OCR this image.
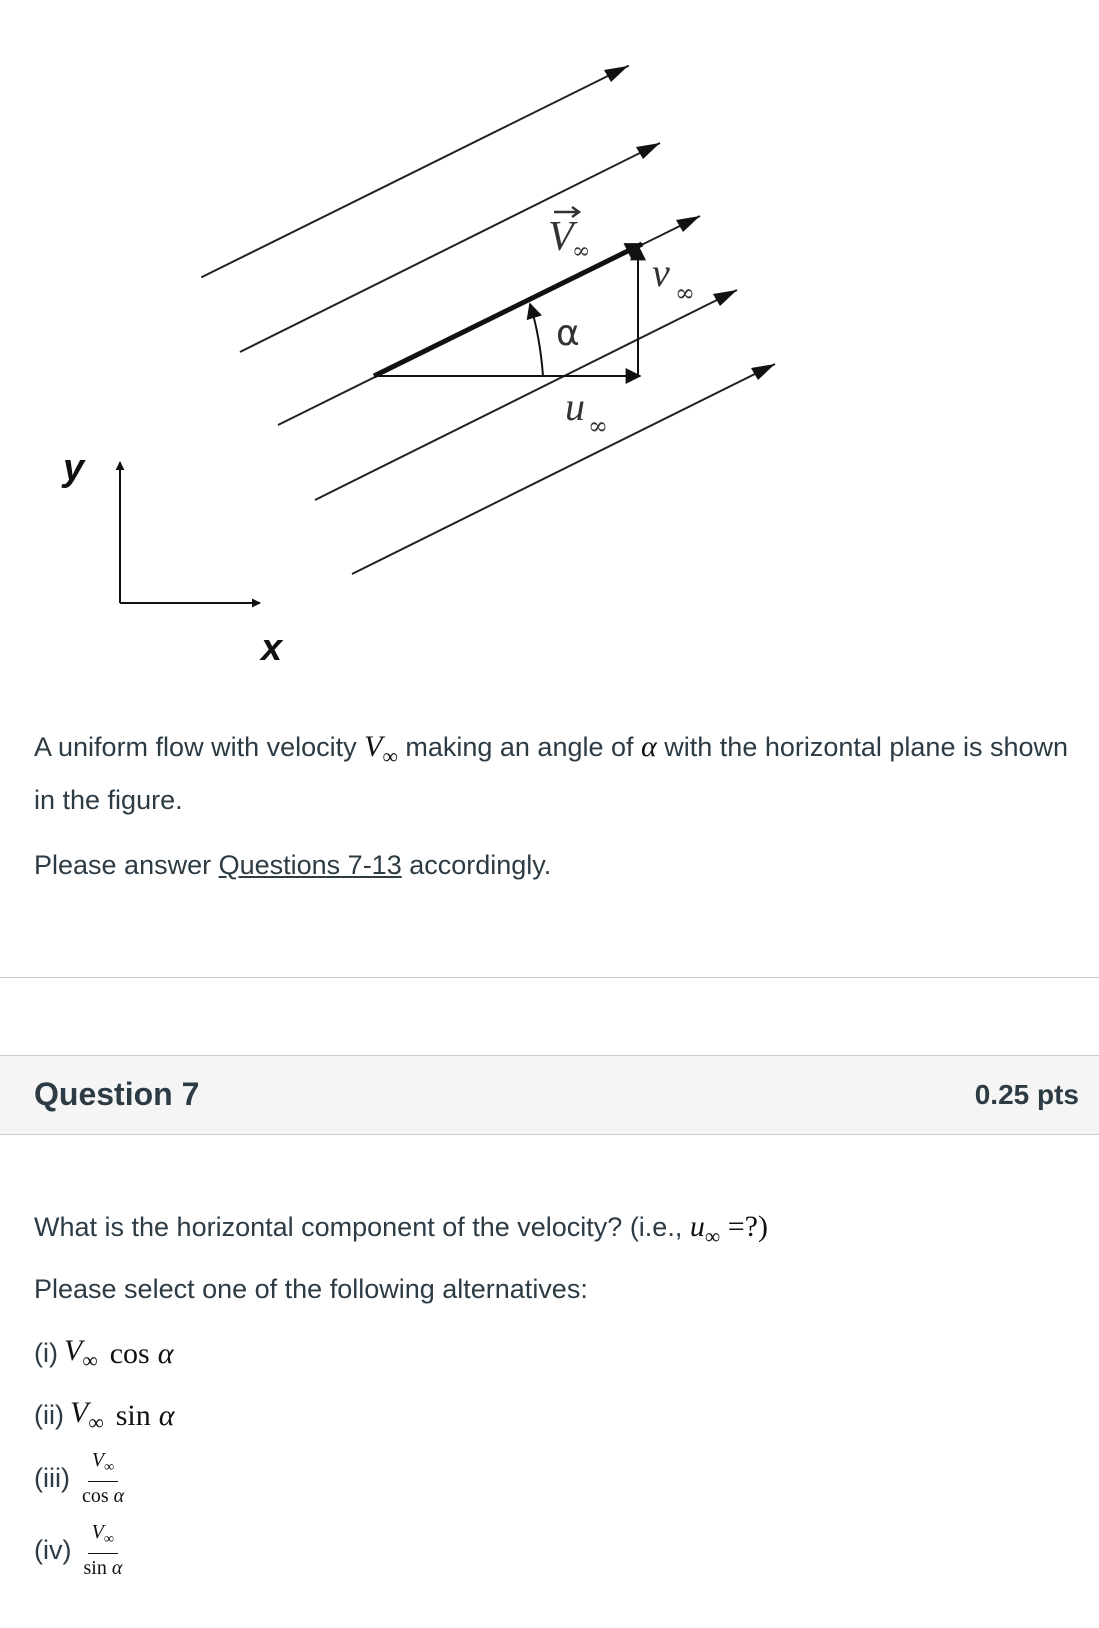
V
∞
α
u ∞
v ∞
y
x

A uniform flow with velocity $V_\infty$ making an angle of α with the horizontal plane is shown in the figure.

Please answer Questions 7-13 accordingly.

Question 7	0.25 pts
What is the horizontal component of the velocity? (i.e., $u_\infty$ =?)
Please select one of the following alternatives:
(i) $V_\infty$ cos α
(ii) $V_\infty$ sin α
$(iii) \frac{V_\infty}{\text{cos α}}$
$(iv) \frac{V_\infty}{\text{sin α}}$
